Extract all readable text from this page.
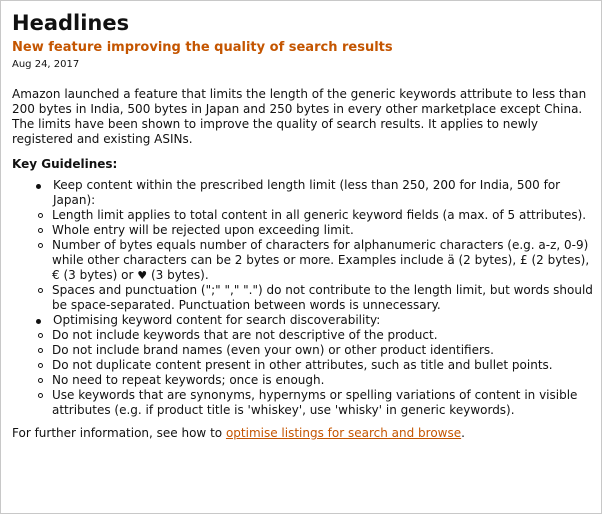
Headlines
New feature improving the quality of search results
Aug 24, 2017

Amazon launched a feature that limits the length of the generic keywords attribute to less than 200 bytes in India, 500 bytes in Japan and 250 bytes in every other marketplace except China. The limits have been shown to improve the quality of search results. It applies to newly registered and existing ASINs.

Key Guidelines:
Keep content within the prescribed length limit (less than 250, 200 for India, 500 for Japan):
Length limit applies to total content in all generic keyword fields (a max. of 5 attributes).
Whole entry will be rejected upon exceeding limit.
Number of bytes equals number of characters for alphanumeric characters (e.g. a-z, 0-9) while other characters can be 2 bytes or more. Examples include ä (2 bytes), £ (2 bytes), € (3 bytes) or ♥ (3 bytes).
Spaces and punctuation (";" "," ".") do not contribute to the length limit, but words should be space-separated. Punctuation between words is unnecessary.
Optimising keyword content for search discoverability:
Do not include keywords that are not descriptive of the product.
Do not include brand names (even your own) or other product identifiers.
Do not duplicate content present in other attributes, such as title and bullet points.
No need to repeat keywords; once is enough.
Use keywords that are synonyms, hypernyms or spelling variations of content in visible attributes (e.g. if product title is 'whiskey', use 'whisky' in generic keywords).

For further information, see how to optimise listings for search and browse.
